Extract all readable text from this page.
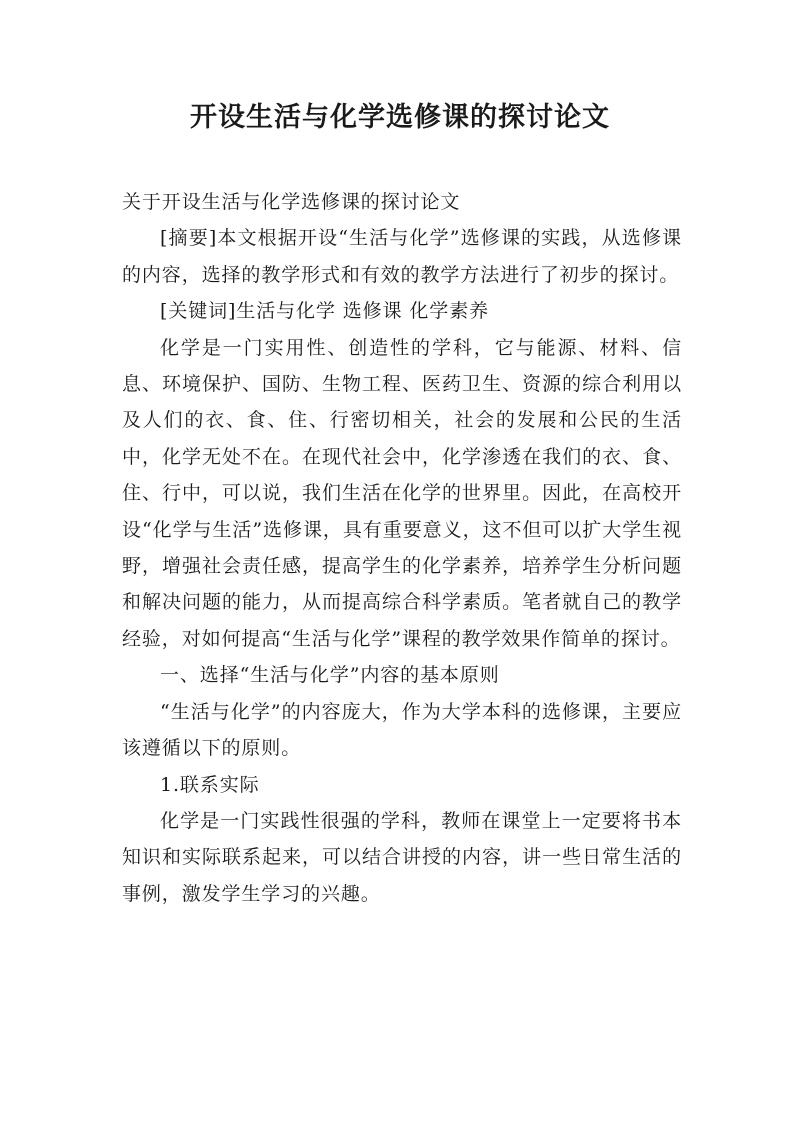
开设生活与化学选修课的探讨论文

关于开设生活与化学选修课的探讨论文

[摘要]本文根据开设“生活与化学”选修课的实践，从选修课的内容，选择的教学形式和有效的教学方法进行了初步的探讨。

[关键词]生活与化学 选修课 化学素养

化学是一门实用性、创造性的学科，它与能源、材料、信息、环境保护、国防、生物工程、医药卫生、资源的综合利用以及人们的衣、食、住、行密切相关，社会的发展和公民的生活中，化学无处不在。在现代社会中，化学渗透在我们的衣、食、住、行中，可以说，我们生活在化学的世界里。因此，在高校开设“化学与生活”选修课，具有重要意义，这不但可以扩大学生视野，增强社会责任感，提高学生的化学素养，培养学生分析问题和解决问题的能力，从而提高综合科学素质。笔者就自己的教学经验，对如何提高“生活与化学”课程的教学效果作简单的探讨。

一、选择“生活与化学”内容的基本原则

“生活与化学”的内容庞大，作为大学本科的选修课，主要应该遵循以下的原则。

1.联系实际

化学是一门实践性很强的学科，教师在课堂上一定要将书本知识和实际联系起来，可以结合讲授的内容，讲一些日常生活的事例，激发学生学习的兴趣。
